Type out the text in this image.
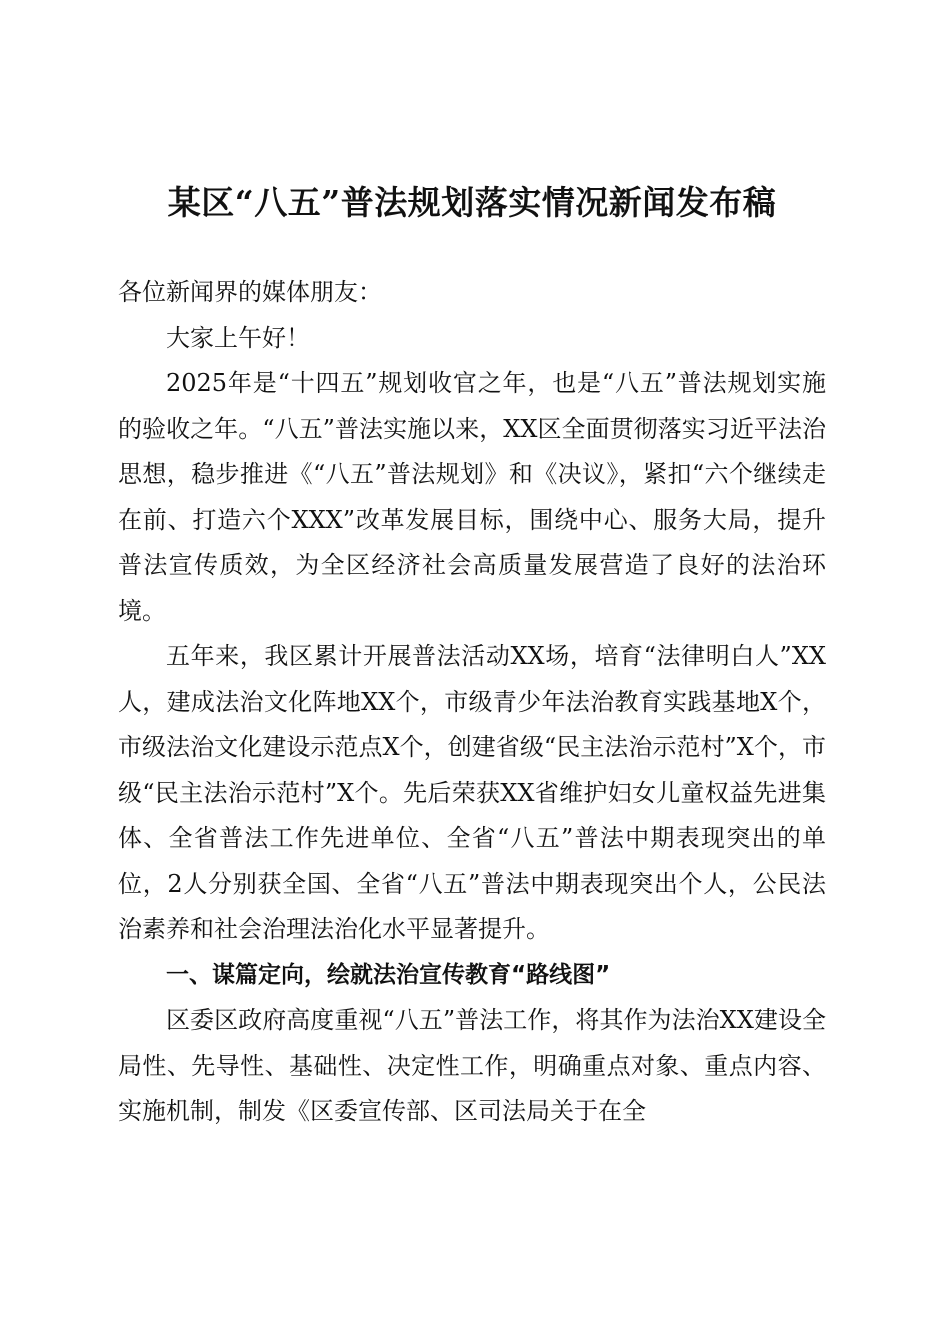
某区“八五”普法规划落实情况新闻发布稿

各位新闻界的媒体朋友：

大家上午好！

2025年是“十四五”规划收官之年，也是“八五”普法规划实施的验收之年。“八五”普法实施以来，XX区全面贯彻落实习近平法治思想，稳步推进《“八五”普法规划》和《决议》，紧扣“六个继续走在前、打造六个XXX”改革发展目标，围绕中心、服务大局，提升普法宣传质效，为全区经济社会高质量发展营造了良好的法治环境。

五年来，我区累计开展普法活动XX场，培育“法律明白人”XX人，建成法治文化阵地XX个，市级青少年法治教育实践基地X个，市级法治文化建设示范点X个，创建省级“民主法治示范村”X个，市级“民主法治示范村”X个。先后荣获XX省维护妇女儿童权益先进集体、全省普法工作先进单位、全省“八五”普法中期表现突出的单位，2人分别获全国、全省“八五”普法中期表现突出个人，公民法治素养和社会治理法治化水平显著提升。

一、谋篇定向，绘就法治宣传教育“路线图”

区委区政府高度重视“八五”普法工作，将其作为法治XX建设全局性、先导性、基础性、决定性工作，明确重点对象、重点内容、实施机制，制发《区委宣传部、区司法局关于在全
